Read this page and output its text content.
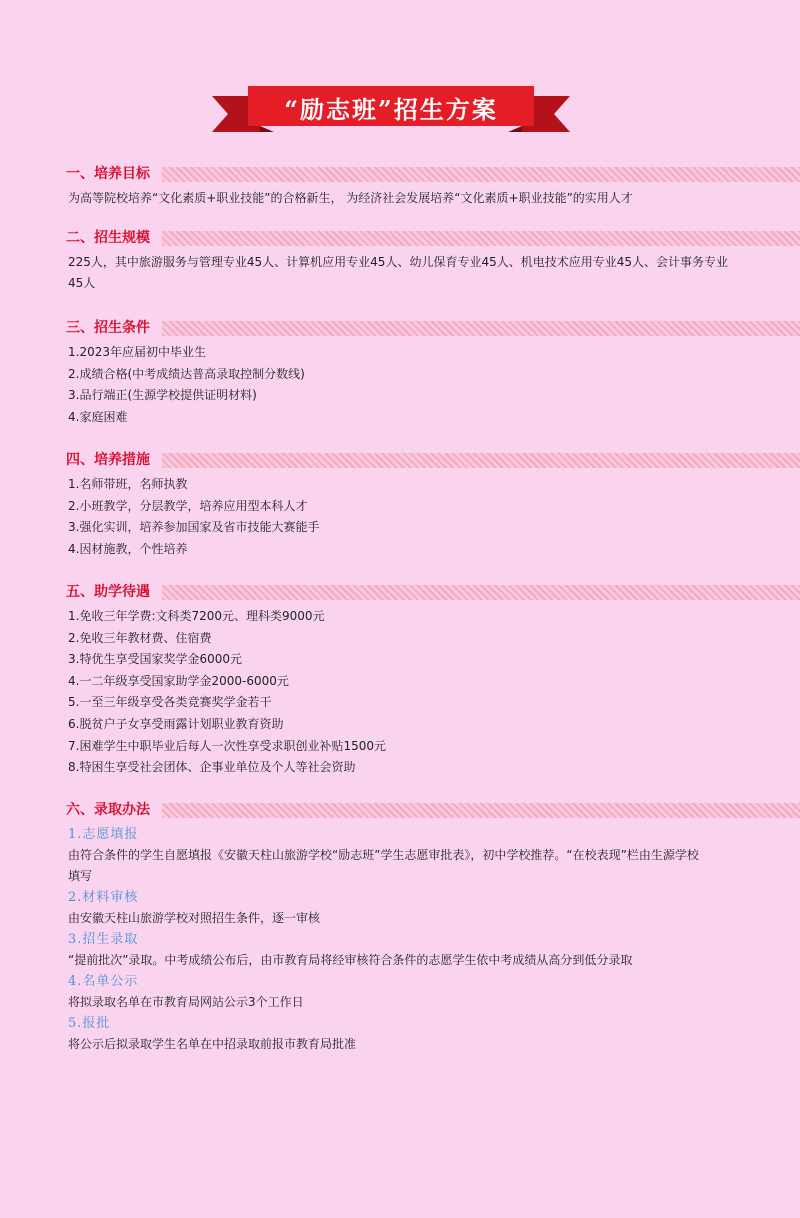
“励志班”招生方案
一、培养目标
为高等院校培养“文化素质+职业技能”的合格新生， 为经济社会发展培养“文化素质+职业技能”的实用人才
二、招生规模
225人，其中旅游服务与管理专业45人、计算机应用专业45人、幼儿保育专业45人、机电技术应用专业45人、会计事务专业45人
三、招生条件
1.2023年应届初中毕业生
2.成绩合格(中考成绩达普高录取控制分数线)
3.品行端正(生源学校提供证明材料)
4.家庭困难
四、培养措施
1.名师带班，名师执教
2.小班教学，分层教学，培养应用型本科人才
3.强化实训，培养参加国家及省市技能大赛能手
4.因材施教，个性培养
五、助学待遇
1.免收三年学费:文科类7200元、理科类9000元
2.免收三年教材费、住宿费
3.特优生享受国家奖学金6000元
4.一二年级享受国家助学金2000-6000元
5.一至三年级享受各类竞赛奖学金若干
6.脱贫户子女享受雨露计划职业教育资助
7.困难学生中职毕业后每人一次性享受求职创业补贴1500元
8.特困生享受社会团体、企事业单位及个人等社会资助
六、录取办法
1.志愿填报
由符合条件的学生自愿填报《安徽天柱山旅游学校“励志班”学生志愿审批表》，初中学校推荐。“在校表现”栏由生源学校填写
2.材料审核
由安徽天柱山旅游学校对照招生条件，逐一审核
3.招生录取
“提前批次”录取。中考成绩公布后，由市教育局将经审核符合条件的志愿学生依中考成绩从高分到低分录取
4.名单公示
将拟录取名单在市教育局网站公示3个工作日
5.报批
将公示后拟录取学生名单在中招录取前报市教育局批准
